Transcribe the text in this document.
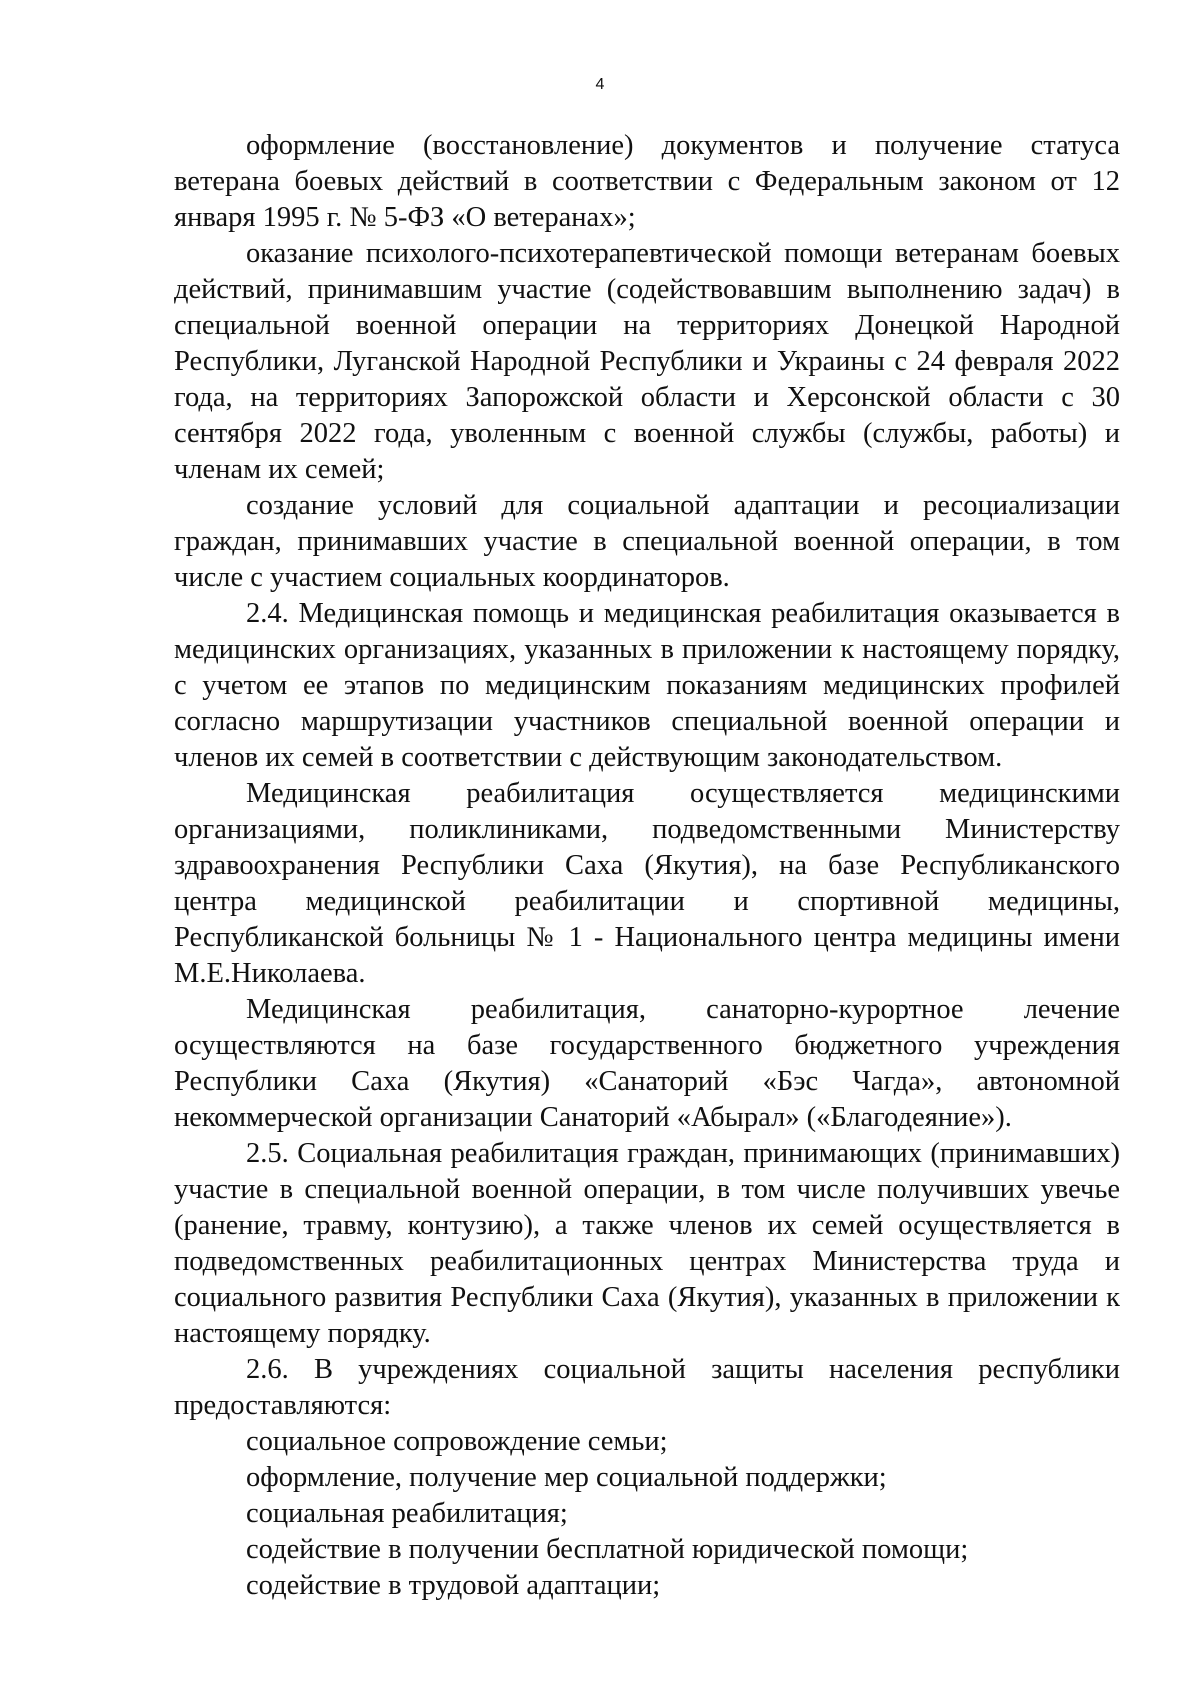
4

оформление (восстановление) документов и получение статуса ветерана боевых действий в соответствии с Федеральным законом от 12 января 1995 г. № 5-ФЗ «О ветеранах»;

оказание психолого-психотерапевтической помощи ветеранам боевых действий, принимавшим участие (содействовавшим выполнению задач) в специальной военной операции на территориях Донецкой Народной Республики, Луганской Народной Республики и Украины с 24 февраля 2022 года, на территориях Запорожской области и Херсонской области с 30 сентября 2022 года, уволенным с военной службы (службы, работы) и членам их семей;

создание условий для социальной адаптации и ресоциализации граждан, принимавших участие в специальной военной операции, в том числе с участием социальных координаторов.

2.4. Медицинская помощь и медицинская реабилитация оказывается в медицинских организациях, указанных в приложении к настоящему порядку, с учетом ее этапов по медицинским показаниям медицинских профилей согласно маршрутизации участников специальной военной операции и членов их семей в соответствии с действующим законодательством.

Медицинская реабилитация осуществляется медицинскими организациями, поликлиниками, подведомственными Министерству здравоохранения Республики Саха (Якутия), на базе Республиканского центра медицинской реабилитации и спортивной медицины, Республиканской больницы № 1 - Национального центра медицины имени М.Е.Николаева.

Медицинская реабилитация, санаторно-курортное лечение осуществляются на базе государственного бюджетного учреждения Республики Саха (Якутия) «Санаторий «Бэс Чагда», автономной некоммерческой организации Санаторий «Абырал» («Благодеяние»).

2.5. Социальная реабилитация граждан, принимающих (принимавших) участие в специальной военной операции, в том числе получивших увечье (ранение, травму, контузию), а также членов их семей осуществляется в подведомственных реабилитационных центрах Министерства труда и социального развития Республики Саха (Якутия), указанных в приложении к настоящему порядку.

2.6. В учреждениях социальной защиты населения республики предоставляются:

социальное сопровождение семьи;

оформление, получение мер социальной поддержки;

социальная реабилитация;

содействие в получении бесплатной юридической помощи;

содействие в трудовой адаптации;
